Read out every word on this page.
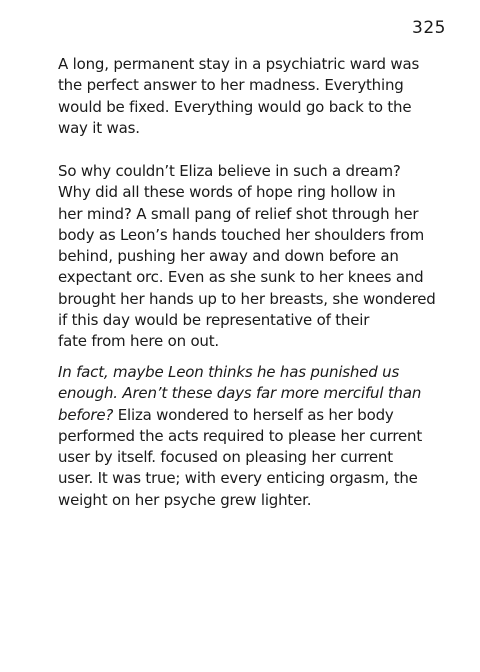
325
A long, permanent stay in a psychiatric ward was
the perfect answer to her madness. Everything
would be fixed. Everything would go back to the
way it was.
So why couldn’t Eliza believe in such a dream?
Why did all these words of hope ring hollow in
her mind? A small pang of relief shot through her
body as Leon’s hands touched her shoulders from
behind, pushing her away and down before an
expectant orc. Even as she sunk to her knees and
brought her hands up to her breasts, she wondered
if this day would be representative of their
fate from here on out.
In fact, maybe Leon thinks he has punished us
enough. Aren’t these days far more merciful than
before? Eliza wondered to herself as her body
performed the acts required to please her current
user by itself. focused on pleasing her current
user. It was true; with every enticing orgasm, the
weight on her psyche grew lighter.
